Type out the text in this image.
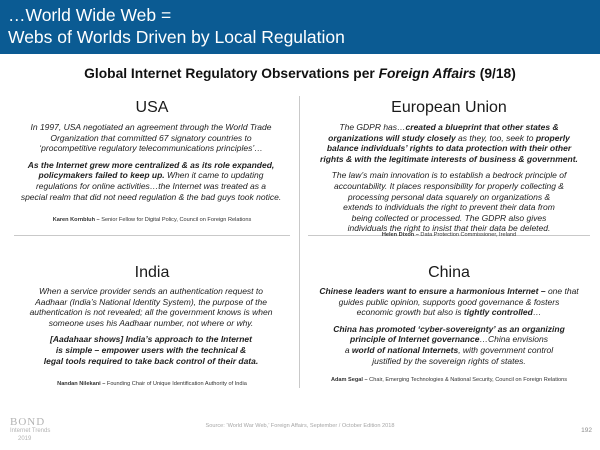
…World Wide Web =
Webs of Worlds Driven by Local Regulation
Global Internet Regulatory Observations per Foreign Affairs (9/18)
USA
In 1997, USA negotiated an agreement through the World Trade
Organization that committed 67 signatory countries to
‘procompetitive regulatory telecommunications principles’…
As the Internet grew more centralized & as its role expanded,
policymakers failed to keep up. When it came to updating
regulations for online activities…the Internet was treated as a
special realm that did not need regulation & the bad guys took notice.
Karen Kornbluh – Senior Fellow for Digital Policy, Council on Foreign Relations
European Union
The GDPR has…created a blueprint that other states &
organizations will study closely as they, too, seek to properly
balance individuals’ rights to data protection with their other
rights & with the legitimate interests of business & government.
The law’s main innovation is to establish a bedrock principle of
accountability. It places responsibility for properly collecting &
processing personal data squarely on organizations &
extends to individuals the right to prevent their data from
being collected or processed. The GDPR also gives
individuals the right to insist that their data be deleted.
Helen Dixon – Data Protection Commissioner, Ireland
India
When a service provider sends an authentication request to
Aadhaar (India’s National Identity System), the purpose of the
authentication is not revealed; all the government knows is when
someone uses his Aadhaar number, not where or why.
[Aadahaar shows] India’s approach to the Internet
is simple – empower users with the technical &
legal tools required to take back control of their data.
Nandan Nilekani – Founding Chair of Unique Identification Authority of India
China
Chinese leaders want to ensure a harmonious Internet – one that
guides public opinion, supports good governance & fosters
economic growth but also is tightly controlled…
China has promoted ‘cyber-sovereignty’ as an organizing
principle of Internet governance…China envisions
a world of national Internets, with government control
justified by the sovereign rights of states.
Adam Segal – Chair, Emerging Technologies & National Security, Council on Foreign Relations
BOND
Internet Trends
2019
Source: ‘World War Web,’ Foreign Affairs, September / October Edition 2018
192
